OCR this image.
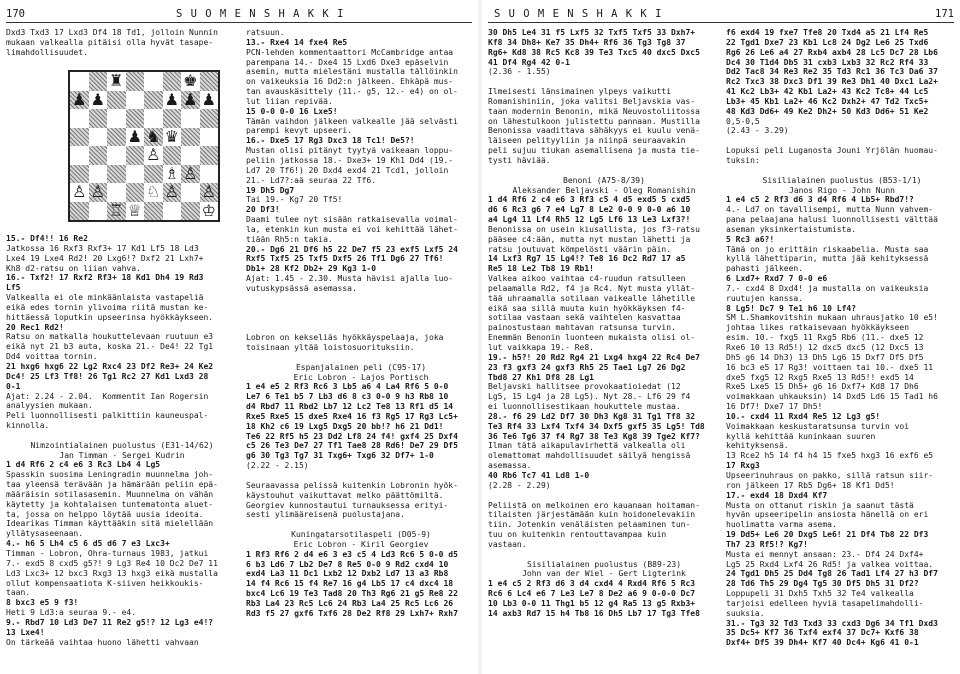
170	S U O M E N S H A K K I
Dxd3 Txd3 17 Lxd3 Df4 18 Td1, jolloin Nunnin
mukaan valkealla pitäisi olla hyvät tasape-
limahdollisuudet.
♜	♚
♟ ♟	♟ ♟ ♟
♟ ♞ ♛
♙
♗ ♙
♙ ♙	♘ ♙ ♙
♖ ♕	♔
15.- Df4!! 16 Re2
Jatkossa 16 Rxf3 Rxf3+ 17 Kd1 Lf5 18 Ld3
Lxe4 19 Lxe4 Rd2! 20 Lxg6!? Dxf2 21 Lxh7+
Kh8 d2-ratsu on liian vahva.
16.- Txf2! 17 Rxf2 Rf3+ 18 Kd1 Dh4 19 Rd3
Lf5
Valkealla ei ole minkäänlaista vastapeliä
eikä edes tornin ylivoima riitä mustan ke-
hittäessä loputkin upseerinsa hyökkäykseen.
20 Rec1 Rd2!
Ratsu on matkalla houkuttelevaan ruutuun e3
eikä nyt 21 b3 auta, koska 21.- De4! 22 Tg1
Dd4 voittaa tornin.
21 hxg6 hxg6 22 Lg2 Rxc4 23 Df2 Re3+ 24 Ke2
Dc4! 25 Lf3 Tf8! 26 Tg1 Rc2 27 Kd1 Lxd3 28
0-1
Ajat: 2.24 - 2.04.  Kommentit Ian Rogersin
analyysien mukaan.
Peli luonnollisesti palkittiin kauneuspal-
kinnolla.
Nimzointialainen puolustus (E31-14/62)
Jan Timman - Sergei Kudrin
1 d4 Rf6 2 c4 e6 3 Rc3 Lb4 4 Lg5
Spasskin suosima Leningradin muunnelma joh-
taa yleensä terävään ja hämärään peliin epä-
määräisin sotilasasemin. Muunnelma on vähän
käytetty ja kohtalaisen tuntematonta aluet-
ta, jossa on helppo löytää uusia ideoita.
Idearikas Timman käyttääkin sitä mielellään
yllätysaseenaan.
4.- h6 5 Lh4 c5 6 d5 d6 7 e3 Lxc3+
Timman - Lobron, Ohra-turnaus 1983, jatkui
7.- exd5 8 cxd5 g5?! 9 Lg3 Re4 10 Dc2 De7 11
Ld3 Lxc3+ 12 bxc3 Rxg3 13 hxg3 eikä mustalla
ollut kompensaatiota K-siiven heikkoukis-
taan.
8 bxc3 e5 9 f3!
Heti 9 Ld3:a seuraa 9.- e4.
9.- Rbd7 10 Ld3 De7 11 Re2 g5!? 12 Lg3 e4!?
13 Lxe4!
On tärkeää vaihtaa huono lähetti vahvaan
ratsuun.
13.- Rxe4 14 fxe4 Re5
PCN-lehden kommentaattori McCambridge antaa
parempana 14.- Dxe4 15 Lxd6 Dxe3 epäselvin
asemin, mutta mielestäni mustalla tällöinkin
on vaikeuksia 16 Dd2:n jälkeen. Ehkäpä mus-
tan avauskäsittely (11.- g5, 12.- e4) on ol-
lut liian repivää.
15 0-0 0-0 16 Lxe5!
Tämän vaihdon jälkeen valkealle jää selvästi
parempi kevyt upseeri.
16.- Dxe5 17 Rg3 Dxc3 18 Tc1! De5?!
Mustan olisi pitänyt tyytyä vaikeaan loppu-
peliin jatkossa 18.- Dxe3+ 19 Kh1 Dd4 (19.-
Ld7 20 Tf6!) 20 Dxd4 exd4 21 Tcd1, jolloin
21.- Ld7?:aä seuraa 22 Tf6.
19 Dh5 Dg7
Tai 19.- Kg7 20 Tf5!
20 Df3!
Daami tulee nyt sisään ratkaisevalla voimal-
la, etenkin kun musta ei voi kehittää lähet-
tiään Rh5:n takia.
20.- Dg6 21 Df6 h5 22 De7 f5 23 exf5 Lxf5 24
Rxf5 Txf5 25 Txf5 Dxf5 26 Tf1 Dg6 27 Tf6!
Db1+ 28 Kf2 Db2+ 29 Kg3 1-0
Ajat: 1.45 - 2.30. Musta hävisi ajalla luo-
vutuskypsässä asemassa.
Lobron on kekseliäs hyökkäyspelaaja, joka
toisinaan yltää loistosuorituksiin.
Espanjalainen peli (C95-17)
Eric Lobron - Lajos Portisch
1 e4 e5 2 Rf3 Rc6 3 Lb5 a6 4 La4 Rf6 5 0-0
Le7 6 Te1 b5 7 Lb3 d6 8 c3 0-0 9 h3 Rb8 10
d4 Rbd7 11 Rbd2 Lb7 12 Lc2 Te8 13 Rf1 d5 14
Rxe5 Rxe5 15 dxe5 Rxe4 16 f3 Rg5 17 Rg3 Lc5+
18 Kh2 c6 19 Lxg5 Dxg5 20 bb!? h6 21 Dd1!
Te6 22 Rf5 h5 23 Dd2 Lf8 24 f4! gxf4 25 Dxf4
c5 26 Te3 De7 27 Tf1 Tae8 28 Rd6! De7 29 Df5
g6 30 Tg3 Tg7 31 Txg6+ Txg6 32 Df7+ 1-0
(2.22 - 2.15)
Seuraavassa pelissä kuitenkin Lobronin hyök-
käystouhut vaikuttavat melko päättömiltä.
Georgiev kunnostautui turnauksessa erityi-
sesti ylimääreisenä puolustajana.
Kuningatarsotilaspeli (D05-9)
Eric Lobron - Kiril Georgiev
1 Rf3 Rf6 2 d4 e6 3 e3 c5 4 Ld3 Rc6 5 0-0 d5
6 b3 Ld6 7 Lb2 De7 8 Re5 0-0 9 Rd2 cxd4 10
exd4 La3 11 Dc1 Lxb2 12 Dxb2 Ld7 13 a3 Rb8
14 f4 Rc6 15 f4 Re7 16 g4 Lb5 17 c4 dxc4 18
bxc4 Lc6 19 Te3 Tad8 20 Th3 Rg6 21 g5 Re8 22
Rb3 La4 23 Rc5 Lc6 24 Rb3 La4 25 Rc5 Lc6 26
Rd3 f5 27 gxf6 Txf6 28 De2 Rf8 29 Lxh7+ Rxh7
S U O M E N S H A K K I	171
30 Dh5 Le4 31 f5 Lxf5 32 Txf5 Txf5 33 Dxh7+
Kf8 34 Dh8+ Ke7 35 Dh4+ Rf6 36 Tg3 Tg8 37
Rg6+ Kd8 38 Rc5 Kc8 39 Te3 Txc5 40 dxc5 Dxc5
41 Df4 Rg4 42 0-1
(2.36 - 1.55)
Ilmeisesti länsimainen ylpeys vaikutti
Romanishiniin, joka valitsi Beljavskia vas-
taan modernin Benonin, mikä Neuvostoliitossa
on lähestulkoon julistettu pannaan. Mustilla
Benonissa vaadittava sähäkyys ei kuulu venä-
läiseen pelityyliin ja niinpä seuraavakin
peli sujuu tiukan asemallisena ja musta tie-
tysti häviää.
Benoni (A75-8/39)
Aleksander Beljavski - Oleg Romanishin
1 d4 Rf6 2 c4 e6 3 Rf3 c5 4 d5 exd5 5 cxd5
d6 6 Rc3 g6 7 e4 Lg7 8 Le2 0-0 9 0-0 a6 10
a4 Lg4 11 Lf4 Rh5 12 Lg5 Lf6 13 Le3 Lxf3?!
Benonissa on usein kiusallista, jos f3-ratsu
pääsee c4:ään, mutta nyt mustan lähetti ja
ratsu joutuvat kömpelösti väärin päin.
14 Lxf3 Rg7 15 Lg4!? Te8 16 Dc2 Rd7 17 a5
Re5 18 Le2 Tb8 19 Rb1!
Valkea aikoo vaihtaa c4-ruudun ratsulleen
pelaamalla Rd2, f4 ja Rc4. Nyt musta yllät-
tää uhraamalla sotilaan vaikealle lähetille
eikä saa sillä muuta kuin hyökkäyksen f4-
sotilaa vastaan sekä vaihtelen kasvattaa
painostustaan mahtavan ratsunsa turvin.
Enemmän Benonin luonteen mukaista olisi ol-
lut vaikkapa 19.- Re8.
19.- h5?! 20 Rd2 Rg4 21 Lxg4 hxg4 22 Rc4 De7
23 f3 gxf3 24 gxf3 Rh5 25 Tae1 Lg7 26 Dg2
Tbd8 27 Kh1 Df8 28 Lg1
Beljavski hallitsee provokaatioiedat (12
Lg5, 15 Lg4 ja 28 Lg5). Nyt 28.- Lf6 29 f4
ei luonnollisestikaan houkuttele mustaa.
28.- f6 29 Ld2 Df7 30 Dh3 Kg8 31 Tg1 Tf8 32
Te3 Rf4 33 Lxf4 Txf4 34 Dxf5 gxf5 35 Lg5! Td8
36 Te6 Tg6 37 f4 Rg7 38 Te3 Kg8 39 Tge2 Kf7?
Ilman tätä aikapulavirhettä valkealla oli
olemattomat mahdollisuudet säilyä hengissä
asemassa.
40 Rb6 Tc7 41 Ld8 1-0
(2.28 - 2.29)
Peliistä on melkoinen ero kauanaan hoitaman-
tilaisten järjestämään kuin hoidonelevakiin
tiin. Jotenkin venäläisten pelaaminen tun-
tuu on kuitenkin rentouttavampaa kuin
vastaan.
Sisilialainen puolustus (B89-23)
John van der Wiel - Gert Ligterink
1 e4 c5 2 Rf3 d6 3 d4 cxd4 4 Rxd4 Rf6 5 Rc3
Rc6 6 Lc4 e6 7 Le3 Le7 8 De2 a6 9 0-0-0 Dc7
10 Lb3 0-0 11 Thg1 b5 12 g4 Ra5 13 g5 Rxb3+
14 axb3 Rd7 15 h4 Tb8 16 Dh5 Lb7 17 Tg3 Tfe8
f6 exd4 19 fxe7 Tfe8 20 Txd4 a5 21 Lf4 Re5
22 Tgd1 Dxe7 23 Kb1 Lc8 24 Dg2 Le6 25 Txd6
Rg6 26 Le6 a4 27 Rxb4 axb4 28 Lc5 Dc7 28 Lb6
Dc4 30 T1d4 Db5 31 cxb3 Lxb3 32 Rc2 Rf4 33
Dd2 Tac8 34 Re3 Re2 35 Td3 Rc1 36 Tc3 Da6 37
Rc2 Txc3 38 Dxc3 Df1 39 Re3 Dh1 40 Dxc1 La2+
41 Kc2 Lb3+ 42 Kb1 La2+ 43 Kc2 Tc8+ 44 Lc5
Lb3+ 45 Kb1 La2+ 46 Kc2 Dxh2+ 47 Td2 Txc5+
48 Kd3 Dd6+ 49 Ke2 Dh2+ 50 Kd3 Dd6+ 51 Ke2
0,5-0,5
(2.43 - 3.29)
Lopuksi peli Luganosta Jouni Yrjölän huomau-
tuksin:
Sisilialainen puolustus (B53-1/1)
Janos Rigo - John Nunn
1 e4 c5 2 Rf3 d6 3 d4 Rf6 4 Lb5+ Rbd7!?
4.- Ld7 on tavallisempi, mutta Nunn vahvem-
pana pelaajana halusi luonnollisesti välttää
aseman yksinkertaistumista.
5 Rc3 a6?!
Tämä on jo erittäin riskaabelia. Musta saa
kyllä lähettiparin, mutta jää kehityksessä
pahasti jälkeen.
6 Lxd7+ Rxd7 7 0-0 e6
7.- cxd4 8 Dxd4! ja mustalla on vaikeuksia
ruutujen kanssa.
8 Lg5! Dc7 9 Te1 h6 10 Lf4?
SM L.Shamkovitshin mukaan uhrausjatko 10 e5!
johtaa likes ratkaisevaan hyökkäykseen
esim. 10.- fxg5 11 Rxg5 Rb6 (11.- dxe5 12
Rxe6 10 13 Rd5!) 12 dxc5 dxc5 (12 Dxc5 13
Dh5 g6 14 Dh3) 13 Dh5 Lg6 15 Dxf7 Df5 Df5
16 bc3 e5 17 Rg3! voittaen tai 10.- dxe5 11
dxe5 fxg5 12 Rxg5 Rxe5 13 Rd5!! exd5 14
Rxe5 Lxe5 15 Dh5+ g6 16 Dxf7+ Kd8 17 Dh6
voimakkaan uhkauksin) 14 Dxd5 Ld6 15 Tad1 h6
16 Df7! Dxe7 17 Dh5!
10.- cxd4 11 Rxd4 Re5 12 Lg3 g5!
Voimakkaan keskustaratsunsa turvin voi
kyllä kehittää kuninkaan suuren
kehityksensä.
13 Rce2 h5 14 f4 h4 15 fxe5 hxg3 16 exf6 e5
17 Rxg3
Upseerinuhraus on pakko, sillä ratsun siir-
ron jälkeen 17 Rb5 Dg6+ 18 Kf1 Dd5!
17.- exd4 18 Dxd4 Kf7
Musta on ottanut riskin ja saanut tästä
hyvän upseeripelin ansiosta hänellä on eri
huolimatta varma asema.
19 Dd5+ Le6 20 Dxg5 Le6! 21 Df4 Tb8 22 Df3
Th7 23 Rf5!? Kg7!
Musta ei mennyt ansaan: 23.- Df4 24 Dxf4+
Lg5 25 Rxd4 Lxf4 26 Rd5! ja valkea voittaa.
24 Tgd1 Dh5 25 Dd4 Tg8 26 Tad1 Lf4 27 h3 Df7
28 Td6 Th5 29 Dg4 Tg5 30 Df5 Dh5 31 Df2?
Loppupeli 31 Dxh5 Txh5 32 Te4 valkealla
tarjoisi edelleen hyviä tasapelimahdolli-
suuksia.
31.- Tg3 32 Td3 Txd3 33 cxd3 Dg6 34 Tf1 Dxd3
35 Dc5+ Kf7 36 Txf4 exf4 37 Dc7+ Kxf6 38
Dxf4+ Df5 39 Dh4+ Kf7 40 Dc4+ Kg6 41 0-1
